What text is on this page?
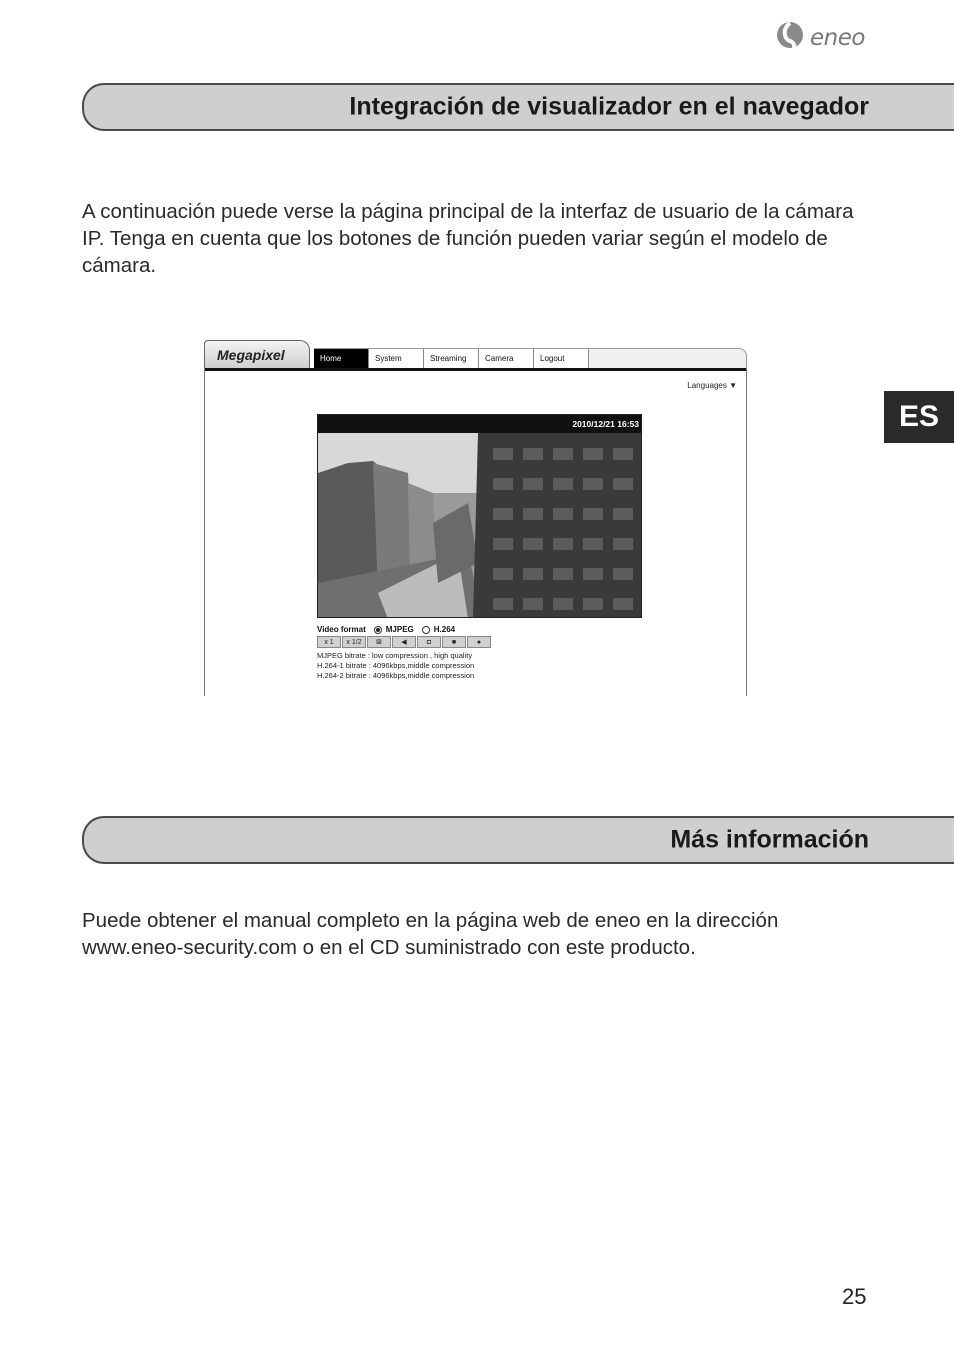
eneo
Integración de visualizador en el navegador

A continuación puede verse la página principal de la interfaz de usuario de la cámara IP. Tenga en cuenta que los botones de función pueden variar según el modelo de cámara.

Megapixel	Home	System	Streaming	Camera	Logout
Languages ▼
2010/12/21 16:53
Video format	MJPEG	H.264
x 1	x 1/2	⊠	◀	◘	■	●
MJPEG bitrate : low compression , high quality
H.264-1 bitrate : 4096kbps,middle compression
H.264-2 bitrate : 4096kbps,middle compression
Más información

Puede obtener el manual completo en la página web de eneo en la dirección www.eneo-security.com o en el CD suministrado con este producto.

ES
25
